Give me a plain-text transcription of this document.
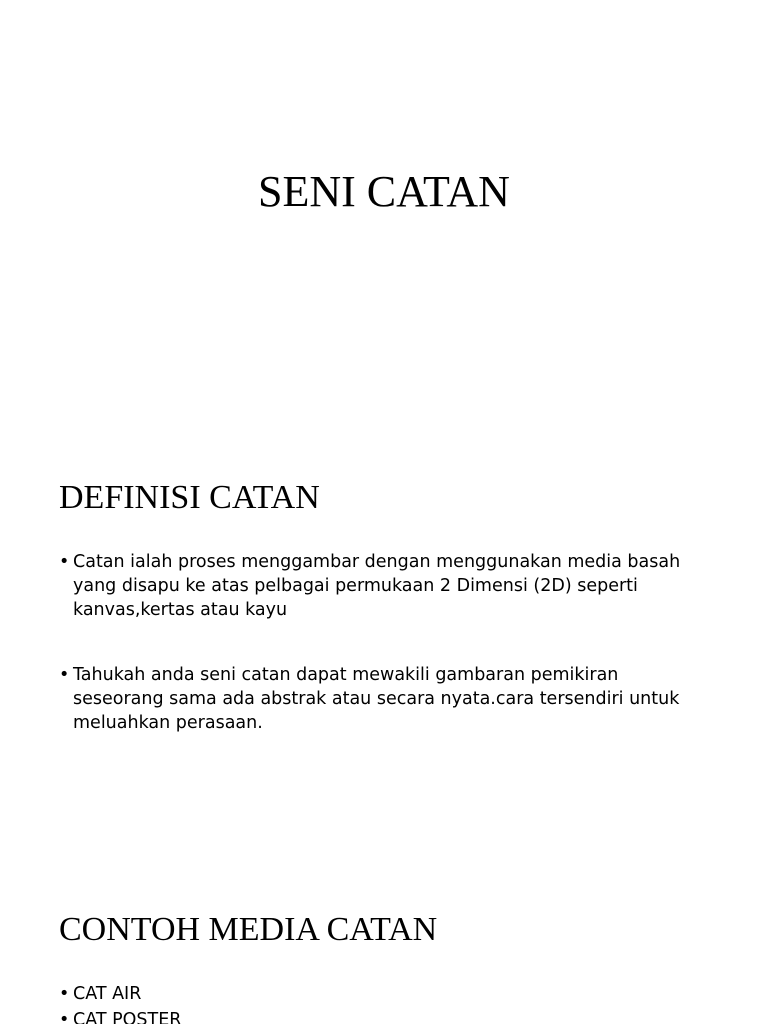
SENI CATAN
DEFINISI CATAN
• Catan ialah proses menggambar dengan menggunakan media basah yang disapu ke atas pelbagai permukaan 2 Dimensi (2D) seperti kanvas,kertas atau kayu
• Tahukah anda seni catan dapat mewakili gambaran pemikiran seseorang sama ada abstrak atau secara nyata.cara tersendiri untuk meluahkan perasaan.
CONTOH MEDIA CATAN
• CAT AIR
• CAT POSTER
